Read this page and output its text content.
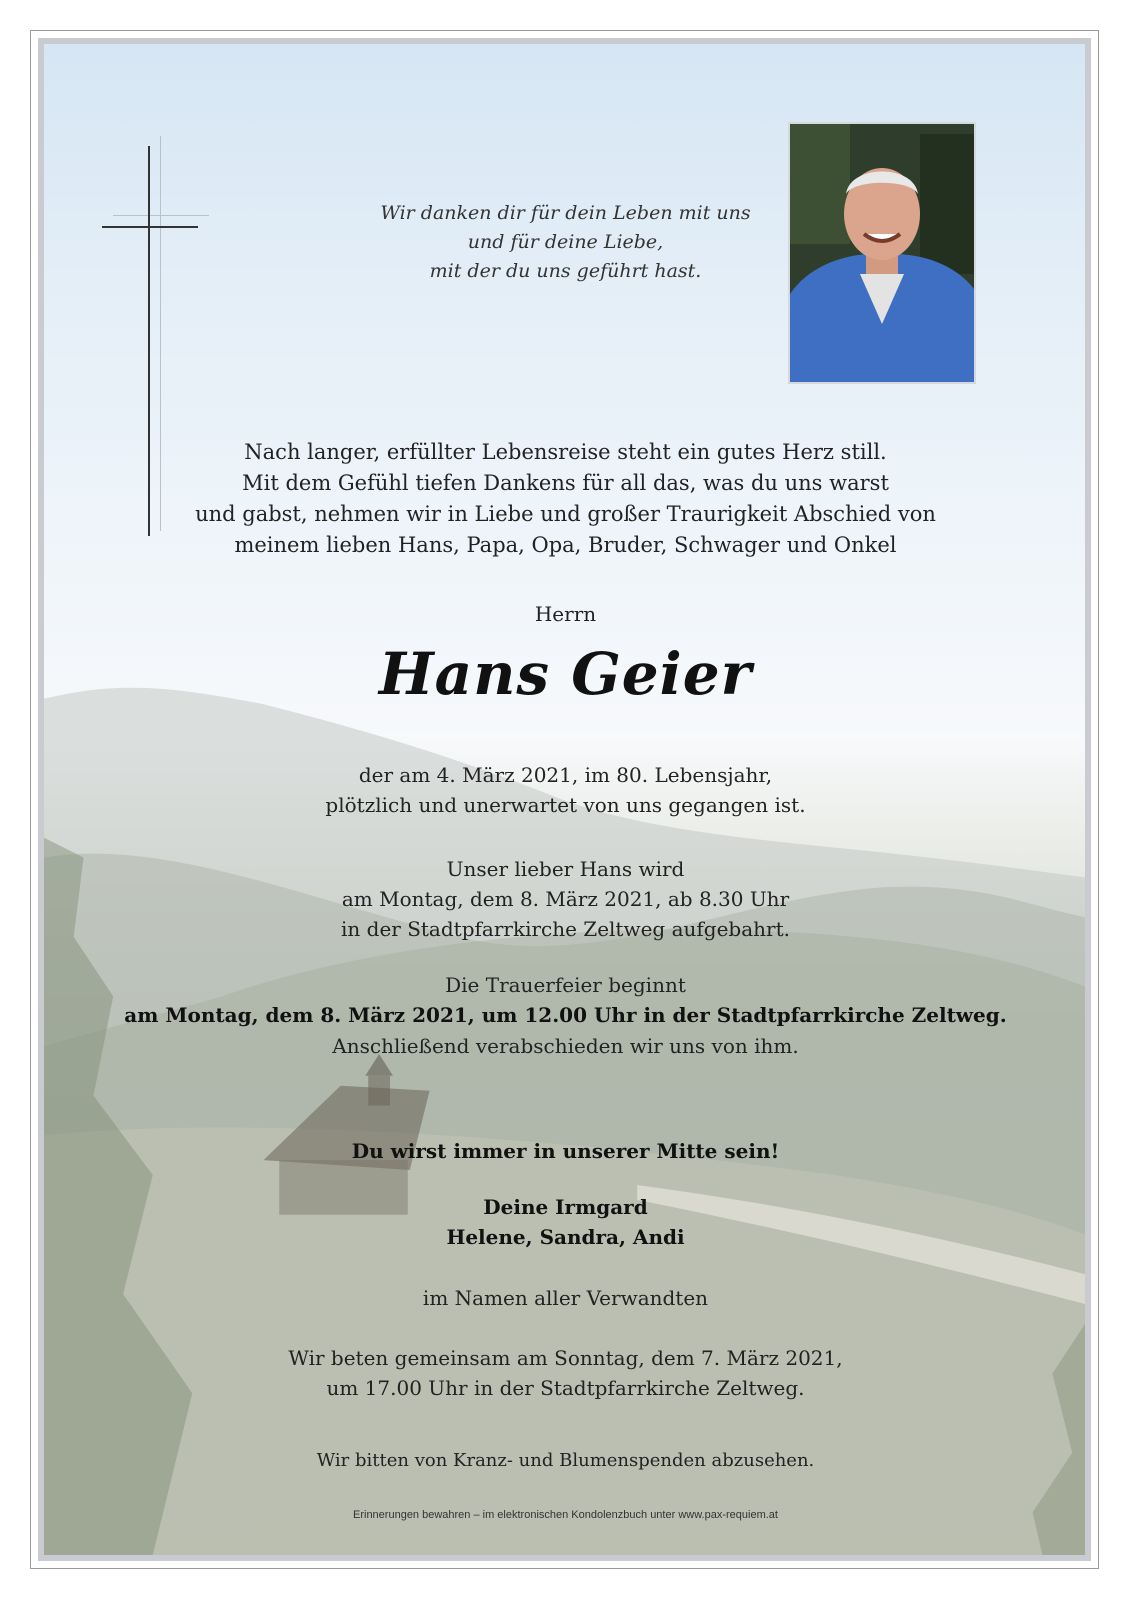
Wir danken dir für dein Leben mit uns
und für deine Liebe,
mit der du uns geführt hast.
Nach langer, erfüllter Lebensreise steht ein gutes Herz still.
Mit dem Gefühl tiefen Dankens für all das, was du uns warst
und gabst, nehmen wir in Liebe und großer Traurigkeit Abschied von
meinem lieben Hans, Papa, Opa, Bruder, Schwager und Onkel
Herrn
Hans Geier
der am 4. März 2021, im 80. Lebensjahr,
plötzlich und unerwartet von uns gegangen ist.
Unser lieber Hans wird
am Montag, dem 8. März 2021, ab 8.30 Uhr
in der Stadtpfarrkirche Zeltweg aufgebahrt.
Die Trauerfeier beginnt
am Montag, dem 8. März 2021, um 12.00 Uhr in der Stadtpfarrkirche Zeltweg.
Anschließend verabschieden wir uns von ihm.
Du wirst immer in unserer Mitte sein!
Deine Irmgard
Helene, Sandra, Andi
im Namen aller Verwandten
Wir beten gemeinsam am Sonntag, dem 7. März 2021,
um 17.00 Uhr in der Stadtpfarrkirche Zeltweg.
Wir bitten von Kranz- und Blumenspenden abzusehen.
Erinnerungen bewahren – im elektronischen Kondolenzbuch unter www.pax-requiem.at
